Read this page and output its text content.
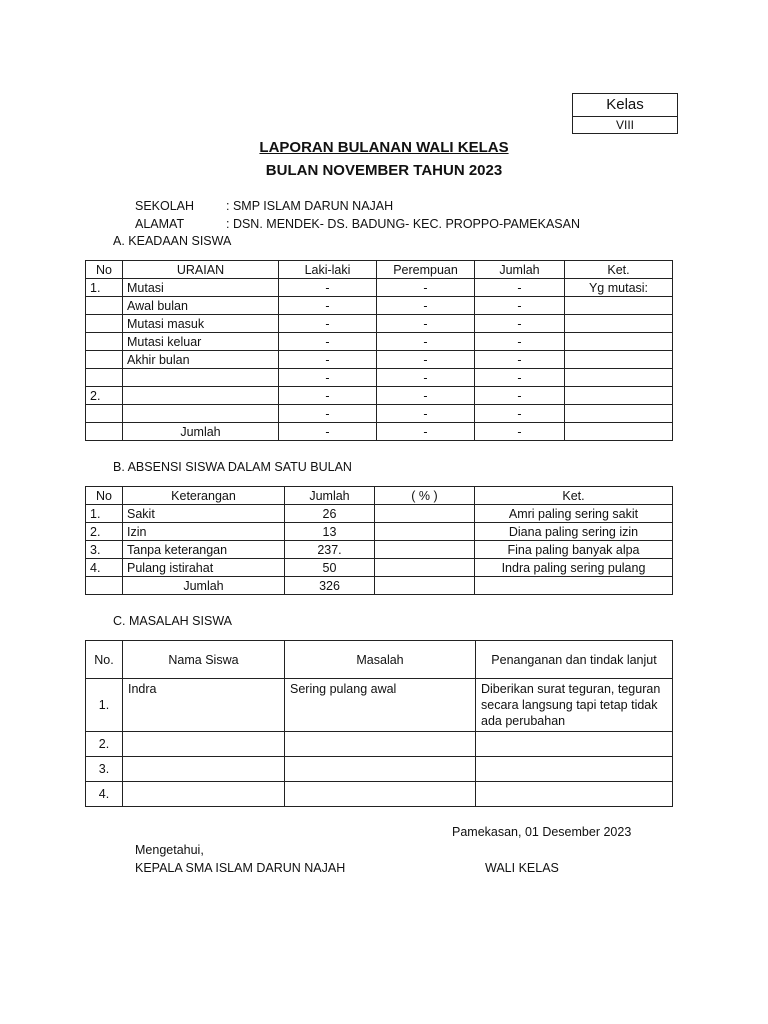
Kelas
VIII
LAPORAN BULANAN WALI KELAS
BULAN NOVEMBER TAHUN 2023
SEKOLAH	: SMP ISLAM DARUN NAJAH
ALAMAT	: DSN. MENDEK- DS. BADUNG- KEC. PROPPO-PAMEKASAN
A. KEADAAN SISWA
No	URAIAN	Laki-laki	Perempuan	Jumlah	Ket.
1.	Mutasi	-	-	-	Yg mutasi:
	Awal bulan	-	-	-	
	Mutasi masuk	-	-	-	
	Mutasi keluar	-	-	-	
	Akhir bulan	-	-	-	
		-	-	-	
2.		-	-	-	
		-	-	-	
	Jumlah	-	-	-	
B. ABSENSI SISWA DALAM SATU BULAN
No	Keterangan	Jumlah	( % )	Ket.
1.	Sakit	26		Amri paling sering sakit
2.	Izin	13		Diana paling sering izin
3.	Tanpa keterangan	237.		Fina paling banyak alpa
4.	Pulang istirahat	50		Indra paling sering pulang
	Jumlah	326		
C. MASALAH SISWA
No.	Nama Siswa	Masalah	Penanganan dan tindak lanjut
1.	Indra	Sering pulang awal	Diberikan surat teguran, teguran secara langsung tapi tetap tidak ada perubahan
2.			
3.			
4.			
Pamekasan, 01 Desember 2023
Mengetahui,
KEPALA SMA ISLAM DARUN NAJAH	WALI KELAS
